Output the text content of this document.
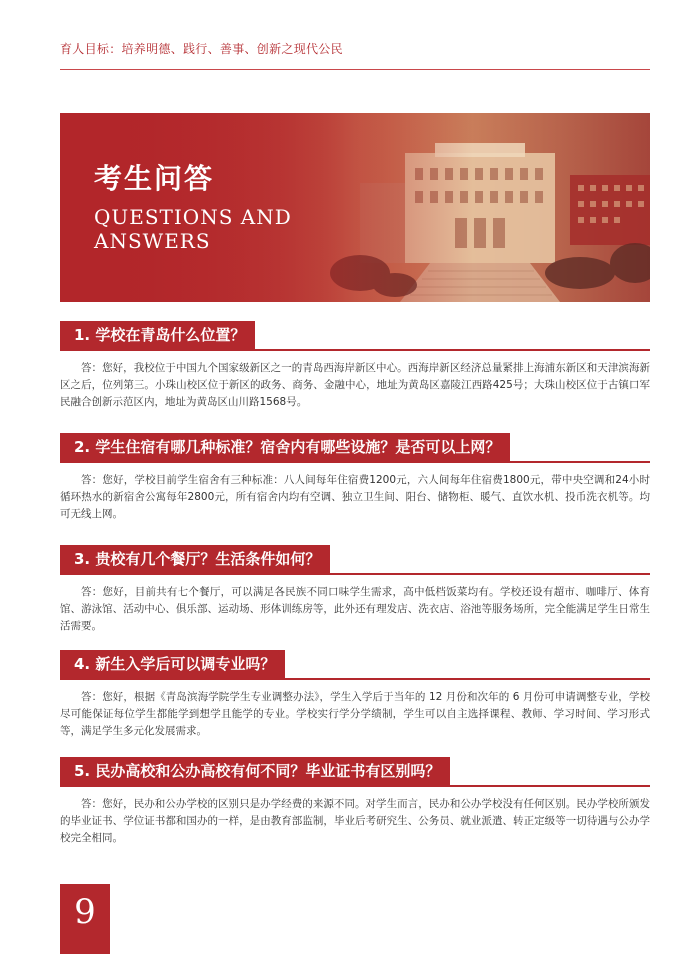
育人目标：培养明德、践行、善事、创新之现代公民
考生问答
QUESTIONS AND ANSWERS
1. 学校在青岛什么位置？
答：您好，我校位于中国九个国家级新区之一的青岛西海岸新区中心。西海岸新区经济总量紧排上海浦东新区和天津滨海新区之后，位列第三。小珠山校区位于新区的政务、商务、金融中心，地址为黄岛区嘉陵江西路425号；大珠山校区位于古镇口军民融合创新示范区内，地址为黄岛区山川路1568号。
2. 学生住宿有哪几种标准？宿舍内有哪些设施？是否可以上网？
答：您好，学校目前学生宿舍有三种标准：八人间每年住宿费1200元，六人间每年住宿费1800元，带中央空调和24小时循环热水的新宿舍公寓每年2800元，所有宿舍内均有空调、独立卫生间、阳台、储物柜、暖气、直饮水机、投币洗衣机等。均可无线上网。
3. 贵校有几个餐厅？生活条件如何？
答：您好，目前共有七个餐厅，可以满足各民族不同口味学生需求，高中低档饭菜均有。学校还设有超市、咖啡厅、体育馆、游泳馆、活动中心、俱乐部、运动场、形体训练房等，此外还有理发店、洗衣店、浴池等服务场所，完全能满足学生日常生活需要。
4. 新生入学后可以调专业吗？
答：您好，根据《青岛滨海学院学生专业调整办法》，学生入学后于当年的 12 月份和次年的 6 月份可申请调整专业，学校尽可能保证每位学生都能学到想学且能学的专业。学校实行学分学绩制，学生可以自主选择课程、教师、学习时间、学习形式等，满足学生多元化发展需求。
5. 民办高校和公办高校有何不同？毕业证书有区别吗？
答：您好，民办和公办学校的区别只是办学经费的来源不同。对学生而言，民办和公办学校没有任何区别。民办学校所颁发的毕业证书、学位证书都和国办的一样，是由教育部监制，毕业后考研究生、公务员、就业派遣、转正定级等一切待遇与公办学校完全相同。
9
